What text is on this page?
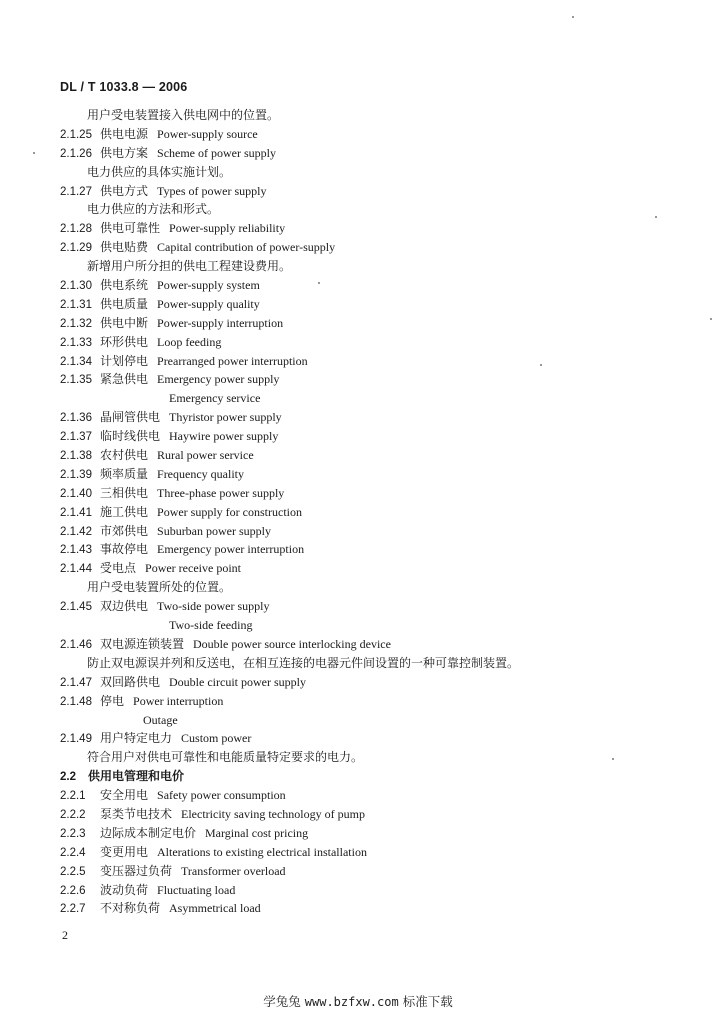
DL / T 1033.8 — 2006
用户受电装置接入供电网中的位置。
2.1.25 供电电源 Power-supply source
2.1.26 供电方案 Scheme of power supply
电力供应的具体实施计划。
2.1.27 供电方式 Types of power supply
电力供应的方法和形式。
2.1.28 供电可靠性 Power-supply reliability
2.1.29 供电贴费 Capital contribution of power-supply
新增用户所分担的供电工程建设费用。
2.1.30 供电系统 Power-supply system
2.1.31 供电质量 Power-supply quality
2.1.32 供电中断 Power-supply interruption
2.1.33 环形供电 Loop feeding
2.1.34 计划停电 Prearranged power interruption
2.1.35 紧急供电 Emergency power supply
Emergency service
2.1.36 晶闸管供电 Thyristor power supply
2.1.37 临时线供电 Haywire power supply
2.1.38 农村供电 Rural power service
2.1.39 频率质量 Frequency quality
2.1.40 三相供电 Three-phase power supply
2.1.41 施工供电 Power supply for construction
2.1.42 市郊供电 Suburban power supply
2.1.43 事故停电 Emergency power interruption
2.1.44 受电点 Power receive point
用户受电装置所处的位置。
2.1.45 双边供电 Two-side power supply
Two-side feeding
2.1.46 双电源连锁装置 Double power source interlocking device
防止双电源误并列和反送电，在相互连接的电器元件间设置的一种可靠控制装置。
2.1.47 双回路供电 Double circuit power supply
2.1.48 停电 Power interruption
Outage
2.1.49 用户特定电力 Custom power
符合用户对供电可靠性和电能质量特定要求的电力。
2.2 供用电管理和电价
2.2.1 安全用电 Safety power consumption
2.2.2 泵类节电技术 Electricity saving technology of pump
2.2.3 边际成本制定电价 Marginal cost pricing
2.2.4 变更用电 Alterations to existing electrical installation
2.2.5 变压器过负荷 Transformer overload
2.2.6 波动负荷 Fluctuating load
2.2.7 不对称负荷 Asymmetrical load
2
学兔兔 www.bzfxw.com 标准下载
